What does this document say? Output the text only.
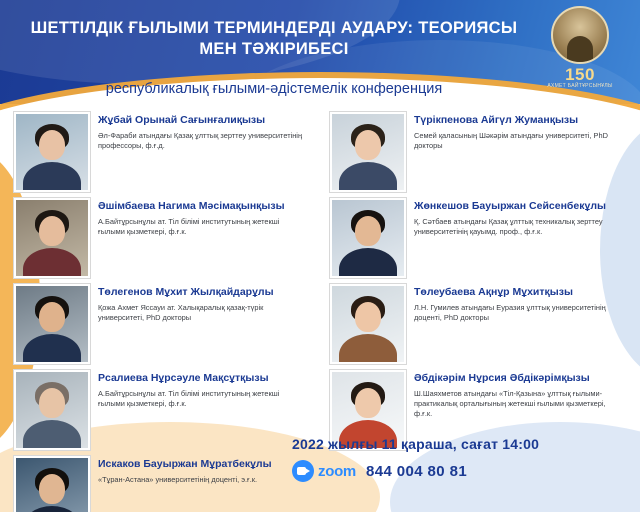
150
АХМЕТ БАЙТҰРСЫНҰЛЫ
ШЕТТІЛДІК ҒЫЛЫМИ ТЕРМИНДЕРДІ АУДАРУ: ТЕОРИЯСЫ МЕН ТӘЖІРИБЕСІ
республикалық ғылыми-әдістемелік конференция
Жұбай Орынай Сағынғалиқызы
Әл-Фараби атындағы Қазақ ұлттық зерттеу университетінің профессоры, ф.ғ.д.
Түрікпенова Айгүл Жуманқызы
Семей қаласының Шәкәрім атындағы университеті, PhD докторы
Әшімбаева Нагима Мәсімақынқызы
А.Байтұрсынұлы ат. Тіл білімі институтының жетекші ғылыми қызметкері, ф.ғ.к.
Жөнкешов Бауыржан Сейсенбекұлы
Қ. Сәтбаев атындағы Қазақ ұлттық техникалық зерттеу университетінің қауымд. проф., ф.ғ.к.
Төлегенов Мұхит Жылқайдарұлы
Қожа Ахмет Яссауи ат. Халықаралық қазақ-түрік университеті, PhD докторы
Төлеубаева Ақнұр Мұхитқызы
Л.Н. Гумилев атындағы Еуразия ұлттық университетінің доценті, PhD докторы
Рсалиева Нұрсәуле Мақсұтқызы
А.Байтұрсынұлы ат. Тіл білімі институтының жетекші ғылыми қызметкері, ф.ғ.к.
Әбдікәрім Нұрсия Әбдікәрімқызы
Ш.Шаяхметов атындағы «Тіл-Қазына» ұлттық ғылыми-практикалық орталығының жетекші ғылыми қызметкері, ф.ғ.к.
Искаков Бауыржан Мұратбекұлы
«Тұран-Астана» университетінің доценті, э.ғ.к.
2022 жылғы 11 қараша, сағат 14:00
zoom 844 004 80 81
